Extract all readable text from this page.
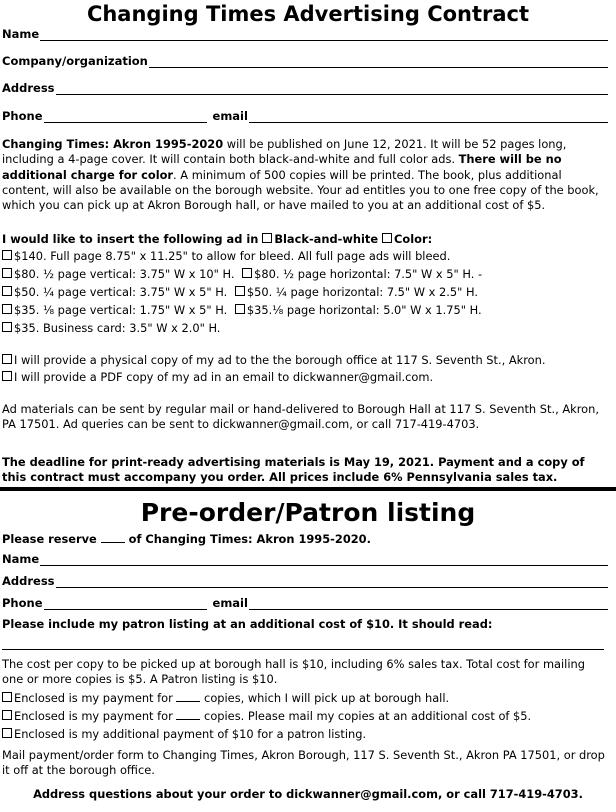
Changing Times Advertising Contract
Name
Company/organization
Address
Phone	email
Changing Times: Akron 1995-2020 will be published on June 12, 2021. It will be 52 pages long, including a 4-page cover. It will contain both black-and-white and full color ads. There will be no additional charge for color. A minimum of 500 copies will be printed. The book, plus additional content, will also be available on the borough website. Your ad entitles you to one free copy of the book, which you can pick up at Akron Borough hall, or have mailed to you at an additional cost of $5.
I would like to insert the following ad in Black-and-white Color:
$140. Full page 8.75" x 11.25" to allow for bleed. All full page ads will bleed.
$80. ½ page vertical: 3.75" W x 10" H. $80. ½ page horizontal: 7.5" W x 5" H. -
$50. ¼ page vertical: 3.75" W x 5" H. $50. ¼ page horizontal: 7.5" W x 2.5" H.
$35. ⅛ page vertical: 1.75" W x 5" H. $35.⅛ page horizontal: 5.0" W x 1.75" H.
$35. Business card: 3.5" W x 2.0" H.
I will provide a physical copy of my ad to the the borough office at 117 S. Seventh St., Akron.
I will provide a PDF copy of my ad in an email to dickwanner@gmail.com.
Ad materials can be sent by regular mail or hand-delivered to Borough Hall at 117 S. Seventh St., Akron, PA 17501. Ad queries can be sent to dickwanner@gmail.com, or call 717-419-4703.
The deadline for print-ready advertising materials is May 19, 2021. Payment and a copy of this contract must accompany you order. All prices include 6% Pennsylvania sales tax.
Pre-order/Patron listing
Please reserve  of Changing Times: Akron 1995-2020.
Name
Address
Phone	email
Please include my patron listing at an additional cost of $10. It should read:
The cost per copy to be picked up at borough hall is $10, including 6% sales tax. Total cost for mailing one or more copies is $5. A Patron listing is $10.
Enclosed is my payment for  copies, which I will pick up at borough hall.
Enclosed is my payment for  copies. Please mail my copies at an additional cost of $5.
Enclosed is my additional payment of $10 for a patron listing.
Mail payment/order form to Changing Times, Akron Borough, 117 S. Seventh St., Akron PA 17501, or drop it off at the borough office.
Address questions about your order to dickwanner@gmail.com, or call 717-419-4703.
